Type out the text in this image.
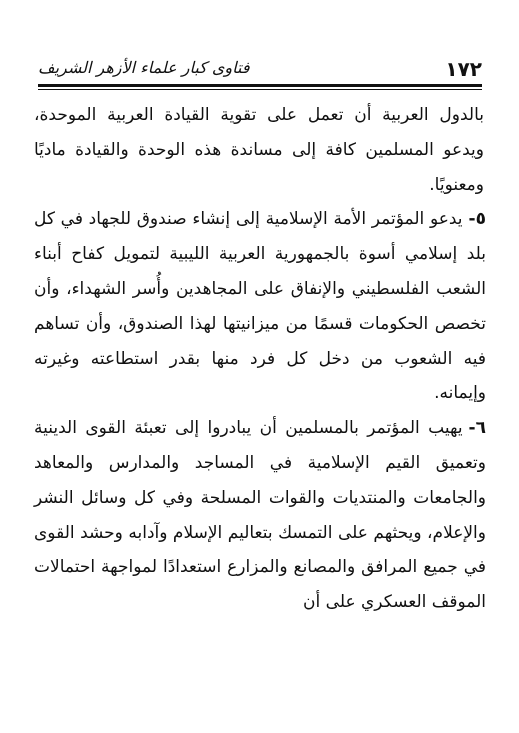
١٧٢
فتاوى كبار علماء الأزهر الشريف

بالدول العربية أن تعمل على تقوية القيادة العربية الموحدة، ويدعو المسلمين كافة إلى مساندة هذه الوحدة والقيادة ماديًا ومعنويًا.

٥-يدعو المؤتمر الأمة الإسلامية إلى إنشاء صندوق للجهاد في كل بلد إسلامي أسوة بالجمهورية العربية الليبية لتمويل كفاح أبناء الشعب الفلسطيني والإنفاق على المجاهدين وأُسر الشهداء، وأن تخصص الحكومات قسمًا من ميزانيتها لهذا الصندوق، وأن تساهم فيه الشعوب من دخل كل فرد منها بقدر استطاعته وغيرته وإيمانه.

٦-يهيب المؤتمر بالمسلمين أن يبادروا إلى تعبئة القوى الدينية وتعميق القيم الإسلامية في المساجد والمدارس والمعاهد والجامعات والمنتديات والقوات المسلحة وفي كل وسائل النشر والإعلام، ويحثهم على التمسك بتعاليم الإسلام وآدابه وحشد القوى في جميع المرافق والمصانع والمزارع استعدادًا لمواجهة احتمالات الموقف العسكري على أن
